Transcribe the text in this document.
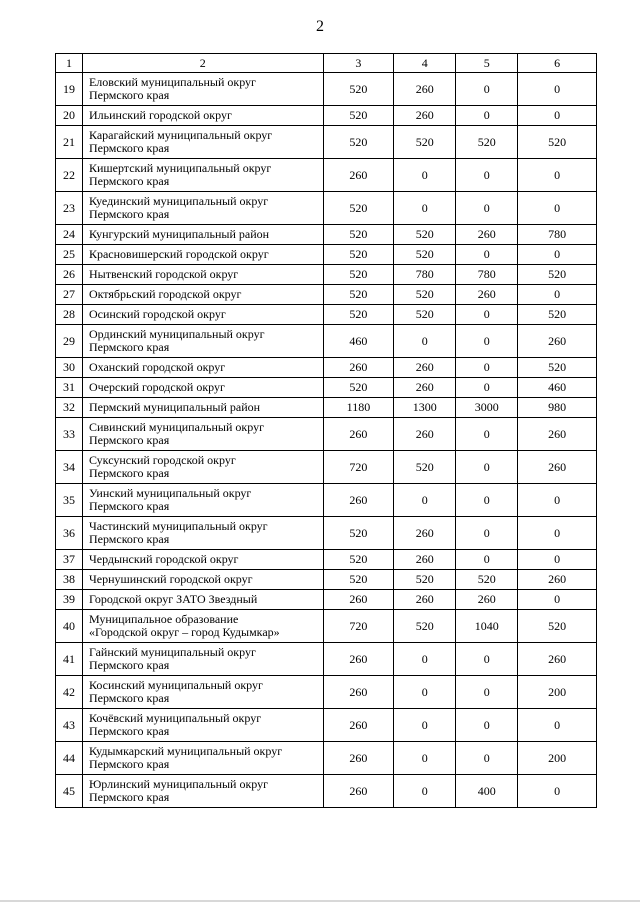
2
1	2	3	4	5	6
19	Еловский муниципальный округ
Пермского края	520	260	0	0
20	Ильинский городской округ	520	260	0	0
21	Карагайский муниципальный округ
Пермского края	520	520	520	520
22	Кишертский муниципальный округ
Пермского края	260	0	0	0
23	Куединский муниципальный округ
Пермского края	520	0	0	0
24	Кунгурский муниципальный район	520	520	260	780
25	Красновишерский городской округ	520	520	0	0
26	Нытвенский городской округ	520	780	780	520
27	Октябрьский городской округ	520	520	260	0
28	Осинский городской округ	520	520	0	520
29	Ординский муниципальный округ
Пермского края	460	0	0	260
30	Оханский городской округ	260	260	0	520
31	Очерский городской округ	520	260	0	460
32	Пермский муниципальный район	1180	1300	3000	980
33	Сивинский муниципальный округ
Пермского края	260	260	0	260
34	Суксунский городской округ
Пермского края	720	520	0	260
35	Уинский муниципальный округ
Пермского края	260	0	0	0
36	Частинский муниципальный округ
Пермского края	520	260	0	0
37	Чердынский городской округ	520	260	0	0
38	Чернушинский городской округ	520	520	520	260
39	Городской округ ЗАТО Звездный	260	260	260	0
40	Муниципальное образование
«Городской округ – город Кудымкар»	720	520	1040	520
41	Гайнский муниципальный округ
Пермского края	260	0	0	260
42	Косинский муниципальный округ
Пермского края	260	0	0	200
43	Кочёвский муниципальный округ
Пермского края	260	0	0	0
44	Кудымкарский муниципальный округ
Пермского края	260	0	0	200
45	Юрлинский муниципальный округ
Пермского края	260	0	400	0
